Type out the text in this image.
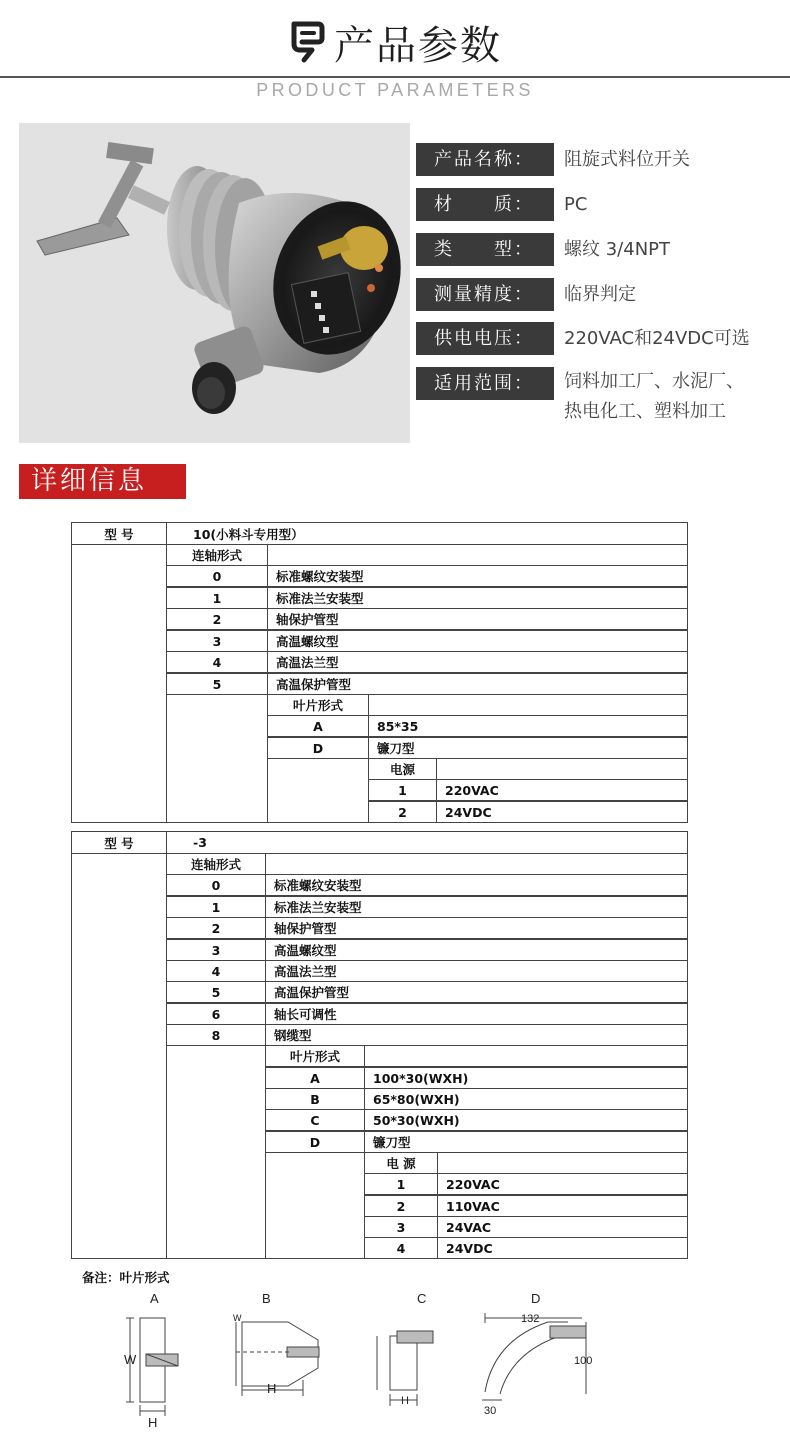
产品参数
PRODUCT PARAMETERS
产品名称：	阻旋式料位开关
材　　质：	PC
类　　型：	螺纹 3/4NPT
测量精度：	临界判定
供电电压：	220VAC和24VDC可选
适用范围：	饲料加工厂、水泥厂、
热电化工、塑料加工
详细信息
型 号	10(小料斗专用型）
连轴形式
0	标准螺纹安装型
1	标准法兰安装型
2	轴保护管型
3	高温螺纹型
4	高温法兰型
5	高温保护管型
叶片形式
A	85*35
D	镰刀型
电源
1	220VAC
2	24VDC
型 号	-3
连轴形式
0	标准螺纹安装型
1	标准法兰安装型
2	轴保护管型
3	高温螺纹型
4	高温法兰型
5	高温保护管型
6	轴长可调性
8	钢缆型
叶片形式
A	100*30(WXH)
B	65*80(WXH)
C	50*30(WXH)
D	镰刀型
电 源
1	220VAC
2	110VAC
3	24VAC
4	24VDC
备注：叶片形式
A	B	C	D
W
H
W
H
H
132
100
30
